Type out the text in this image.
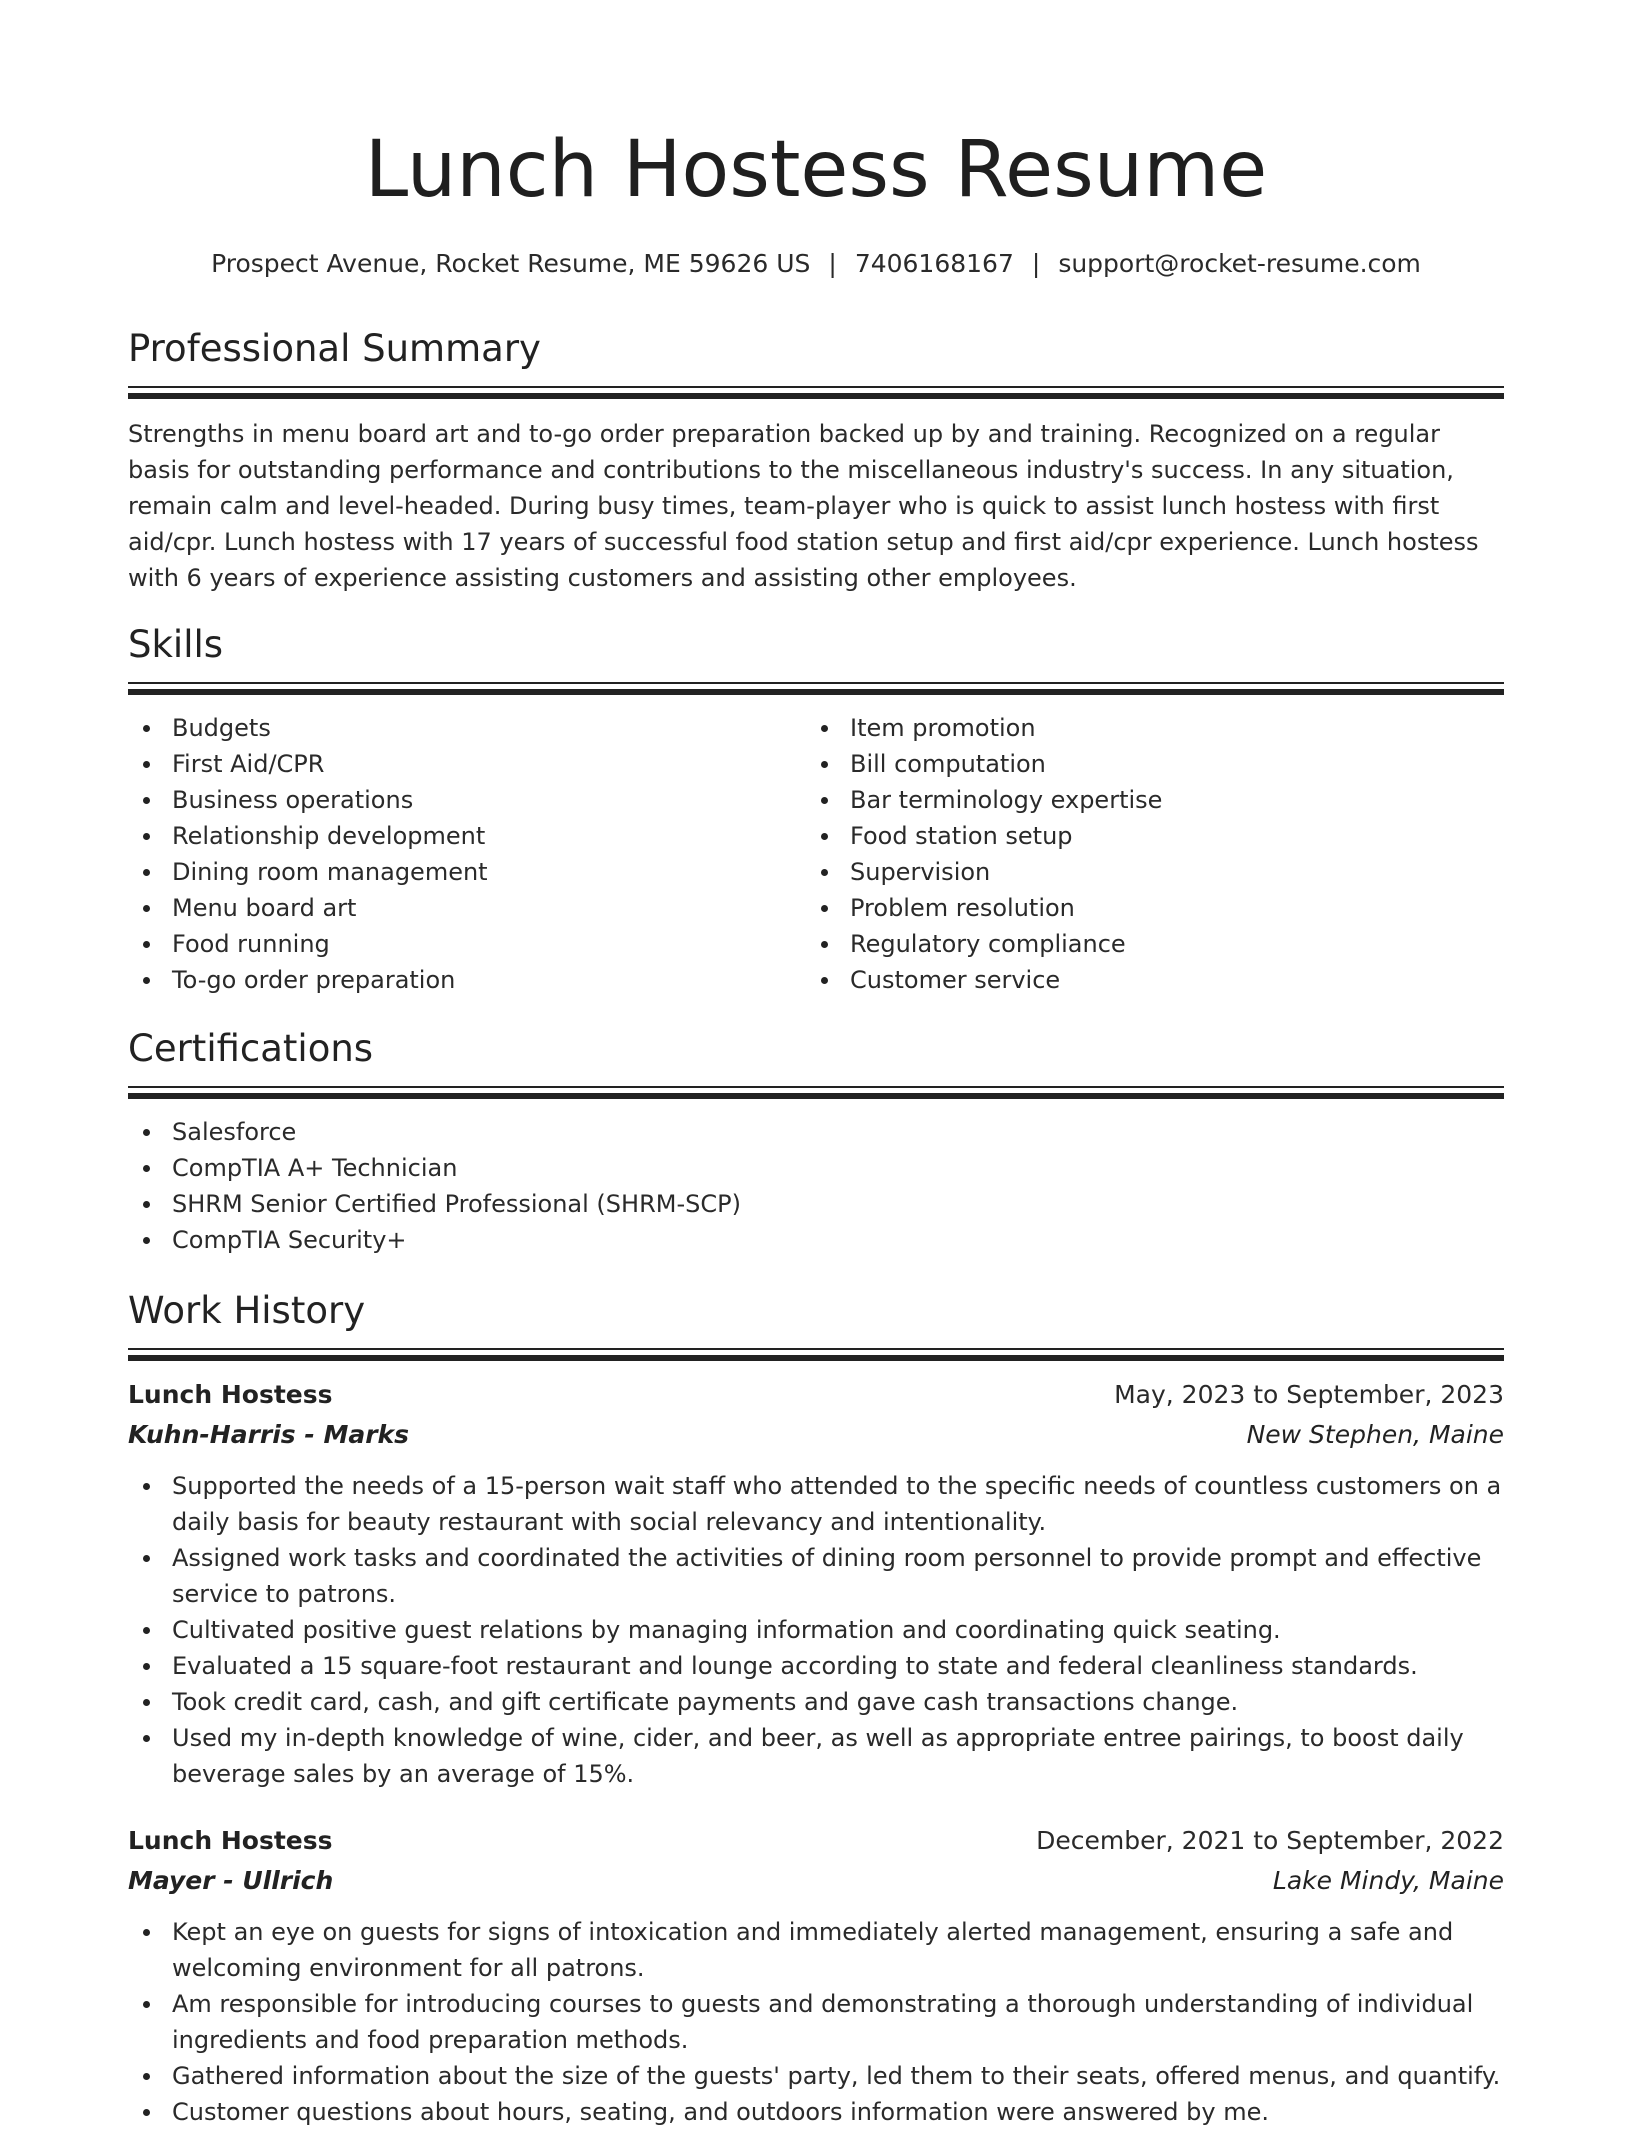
Lunch Hostess Resume
Prospect Avenue, Rocket Resume, ME 59626 US | 7406168167 | support@rocket-resume.com
Professional Summary
Strengths in menu board art and to-go order preparation backed up by and training. Recognized on a regular basis for outstanding performance and contributions to the miscellaneous industry's success. In any situation, remain calm and level-headed. During busy times, team-player who is quick to assist lunch hostess with first aid/cpr. Lunch hostess with 17 years of successful food station setup and first aid/cpr experience. Lunch hostess with 6 years of experience assisting customers and assisting other employees.
Skills
Budgets
First Aid/CPR
Business operations
Relationship development
Dining room management
Menu board art
Food running
To-go order preparation
Item promotion
Bill computation
Bar terminology expertise
Food station setup
Supervision
Problem resolution
Regulatory compliance
Customer service
Certifications
Salesforce
CompTIA A+ Technician
SHRM Senior Certified Professional (SHRM-SCP)
CompTIA Security+
Work History
Lunch Hostess	May, 2023 to September, 2023
Kuhn-Harris - Marks	New Stephen, Maine
Supported the needs of a 15-person wait staff who attended to the specific needs of countless customers on a daily basis for beauty restaurant with social relevancy and intentionality.
Assigned work tasks and coordinated the activities of dining room personnel to provide prompt and effective service to patrons.
Cultivated positive guest relations by managing information and coordinating quick seating.
Evaluated a 15 square-foot restaurant and lounge according to state and federal cleanliness standards.
Took credit card, cash, and gift certificate payments and gave cash transactions change.
Used my in-depth knowledge of wine, cider, and beer, as well as appropriate entree pairings, to boost daily beverage sales by an average of 15%.
Lunch Hostess	December, 2021 to September, 2022
Mayer - Ullrich	Lake Mindy, Maine
Kept an eye on guests for signs of intoxication and immediately alerted management, ensuring a safe and welcoming environment for all patrons.
Am responsible for introducing courses to guests and demonstrating a thorough understanding of individual ingredients and food preparation methods.
Gathered information about the size of the guests' party, led them to their seats, offered menus, and quantify.
Customer questions about hours, seating, and outdoors information were answered by me.
